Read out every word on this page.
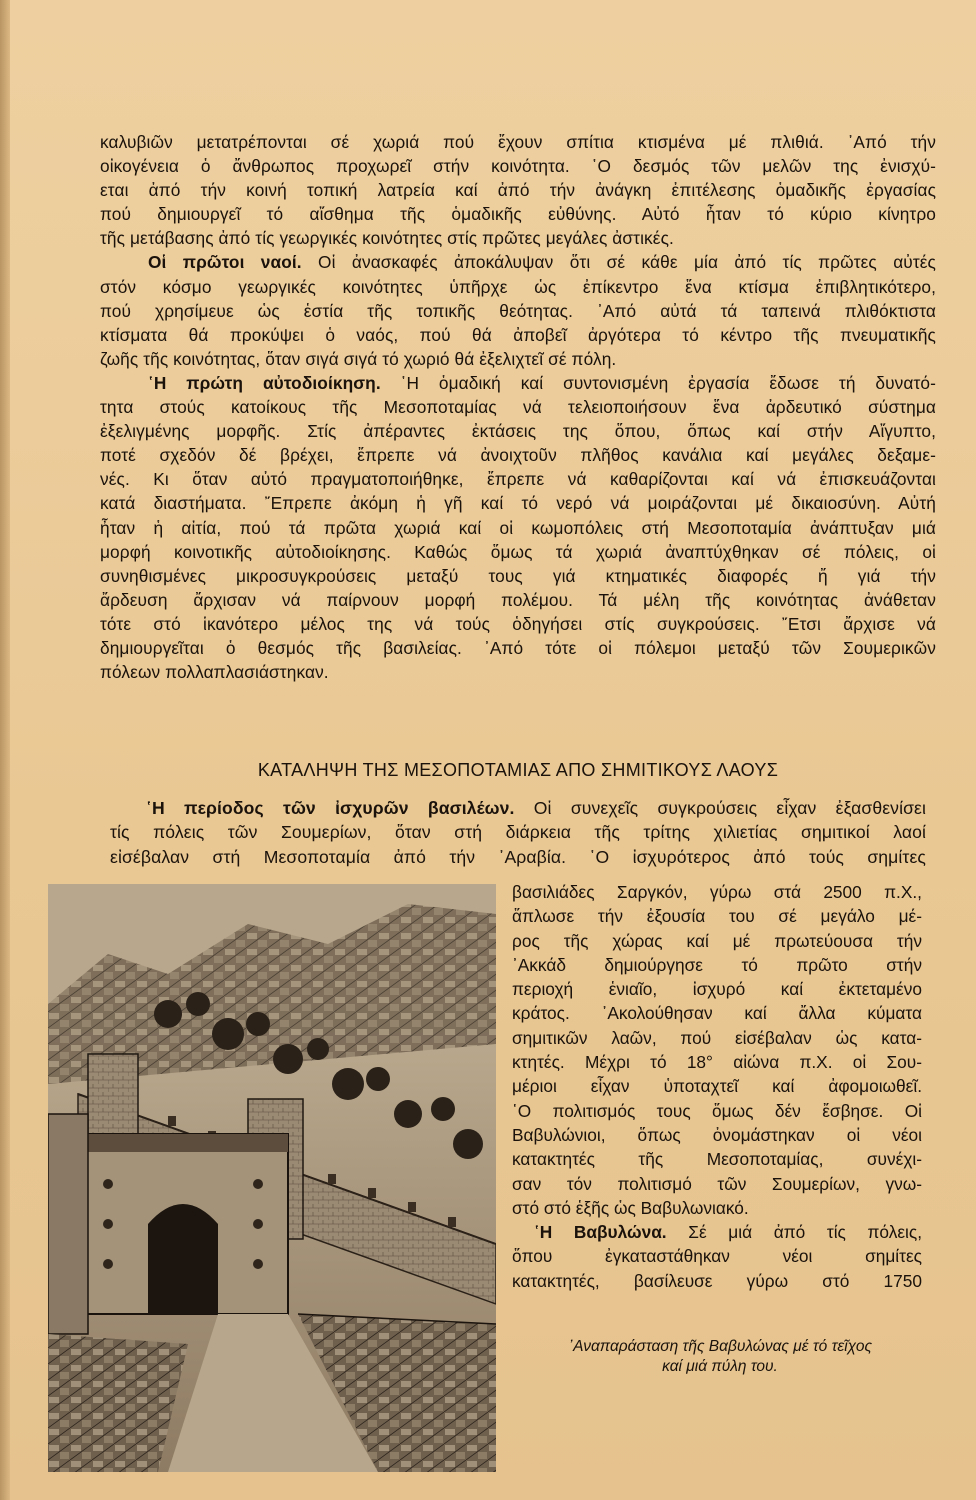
καλυβιῶν μετατρέπονται σέ χωριά πού ἔχουν σπίτια κτισμένα μέ πλιθιά. ᾿Από τήν
οἰκογένεια ὁ ἄνθρωπος προχωρεῖ στήν κοινότητα. ῾Ο δεσμός τῶν μελῶν της ἐνισχύ-
εται ἀπό τήν κοινή τοπική λατρεία καί ἀπό τήν ἀνάγκη ἐπιτέλεσης ὁμαδικῆς ἐργασίας
πού δημιουργεῖ τό αἴσθημα τῆς ὁμαδικῆς εὐθύνης. Αὐτό ἦταν τό κύριο κίνητρο
τῆς μετάβασης ἀπό τίς γεωργικές κοινότητες στίς πρῶτες μεγάλες ἀστικές.
Οἱ πρῶτοι ναοί. Οἱ ἀνασκαφές ἀποκάλυψαν ὅτι σέ κάθε μία ἀπό τίς πρῶτες αὐτές
στόν κόσμο γεωργικές κοινότητες ὑπῆρχε ὡς ἐπίκεντρο ἕνα κτίσμα ἐπιβλητικότερο,
πού χρησίμευε ὡς ἑστία τῆς τοπικῆς θεότητας. ᾿Από αὐτά τά ταπεινά πλιθόκτιστα
κτίσματα θά προκύψει ὁ ναός, πού θά ἀποβεῖ ἀργότερα τό κέντρο τῆς πνευματικῆς
ζωῆς τῆς κοινότητας, ὅταν σιγά σιγά τό χωριό θά ἐξελιχτεῖ σέ πόλη.
῾Η πρώτη αὐτοδιοίκηση. ῾Η ὁμαδική καί συντονισμένη ἐργασία ἔδωσε τή δυνατό-
τητα στούς κατοίκους τῆς Μεσοποταμίας νά τελειοποιήσουν ἕνα ἀρδευτικό σύστημα
ἐξελιγμένης μορφῆς. Στίς ἀπέραντες ἐκτάσεις της ὅπου, ὅπως καί στήν Αἴγυπτο,
ποτέ σχεδόν δέ βρέχει, ἔπρεπε νά ἀνοιχτοῦν πλῆθος κανάλια καί μεγάλες δεξαμε-
νές. Κι ὅταν αὐτό πραγματοποιήθηκε, ἔπρεπε νά καθαρίζονται καί νά ἐπισκευάζονται
κατά διαστήματα. ῎Επρεπε ἀκόμη ἡ γῆ καί τό νερό νά μοιράζονται μέ δικαιοσύνη. Αὐτή
ἦταν ἡ αἰτία, πού τά πρῶτα χωριά καί οἱ κωμοπόλεις στή Μεσοποταμία ἀνάπτυξαν μιά
μορφή κοινοτικῆς αὐτοδιοίκησης. Καθώς ὅμως τά χωριά ἀναπτύχθηκαν σέ πόλεις, οἱ
συνηθισμένες μικροσυγκρούσεις μεταξύ τους γιά κτηματικές διαφορές ἤ γιά τήν
ἄρδευση ἄρχισαν νά παίρνουν μορφή πολέμου. Τά μέλη τῆς κοινότητας ἀνάθεταν
τότε στό ἱκανότερο μέλος της νά τούς ὁδηγήσει στίς συγκρούσεις. ῎Ετσι ἄρχισε νά
δημιουργεῖται ὁ θεσμός τῆς βασιλείας. ᾿Από τότε οἱ πόλεμοι μεταξύ τῶν Σουμερικῶν
πόλεων πολλαπλασιάστηκαν.
ΚΑΤΑΛΗΨΗ ΤΗΣ ΜΕΣΟΠΟΤΑΜΙΑΣ ΑΠΟ ΣΗΜΙΤΙΚΟΥΣ ΛΑΟΥΣ
῾Η περίοδος τῶν ἰσχυρῶν βασιλέων. Οἱ συνεχεῖς συγκρούσεις εἶχαν ἐξασθενίσει
τίς πόλεις τῶν Σουμερίων, ὅταν στή διάρκεια τῆς τρίτης χιλιετίας σημιτικοί λαοί
εἰσέβαλαν στή Μεσοποταμία ἀπό τήν ᾿Αραβία. ῾Ο ἰσχυρότερος ἀπό τούς σημίτες
βασιλιάδες Σαργκόν, γύρω στά 2500 π.Χ.,
ἅπλωσε τήν ἐξουσία του σέ μεγάλο μέ-
ρος τῆς χώρας καί μέ πρωτεύουσα τήν
᾿Ακκάδ δημιούργησε τό πρῶτο στήν
περιοχή ἑνιαῖο, ἰσχυρό καί ἐκτεταμένο
κράτος. ᾿Ακολούθησαν καί ἄλλα κύματα
σημιτικῶν λαῶν, πού εἰσέβαλαν ὡς κατα-
κτητές. Μέχρι τό 18° αἰώνα π.Χ. οἱ Σου-
μέριοι εἶχαν ὑποταχτεῖ καί ἀφομοιωθεῖ.
῾Ο πολιτισμός τους ὅμως δέν ἔσβησε. Οἱ
Βαβυλώνιοι, ὅπως ὀνομάστηκαν οἱ νέοι
κατακτητές τῆς Μεσοποταμίας, συνέχι-
σαν τόν πολιτισμό τῶν Σουμερίων, γνω-
στό στό ἑξῆς ὡς Βαβυλωνιακό.
῾Η Βαβυλώνα. Σέ μιά ἀπό τίς πόλεις,
ὅπου ἐγκαταστάθηκαν νέοι σημίτες
κατακτητές, βασίλευσε γύρω στό 1750
᾿Αναπαράσταση τῆς Βαβυλώνας μέ τό τεῖχος
καί μιά πύλη του.
